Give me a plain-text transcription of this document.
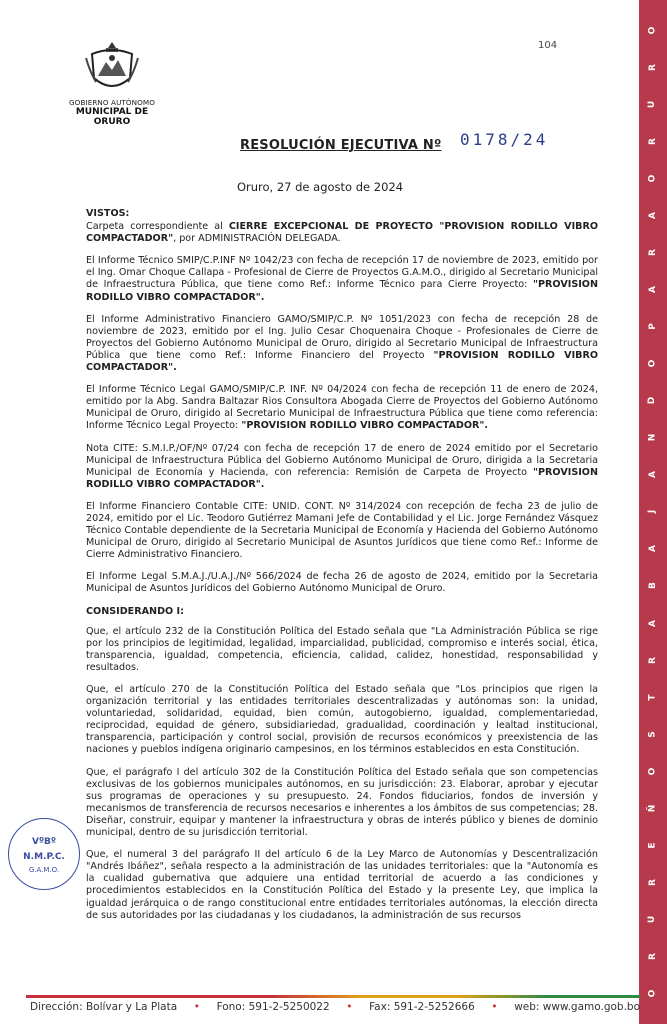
104
GOBIERNO AUTÓNOMO
MUNICIPAL DE ORURO
RESOLUCIÓN EJECUTIVA Nº 0178/24
Oruro, 27 de agosto de 2024
VISTOS:

Carpeta correspondiente al CIERRE EXCEPCIONAL DE PROYECTO "PROVISION RODILLO VIBRO COMPACTADOR", por ADMINISTRACIÓN DELEGADA.

El Informe Técnico SMIP/C.P.INF Nº 1042/23 con fecha de recepción 17 de noviembre de 2023, emitido por el Ing. Omar Choque Callapa - Profesional de Cierre de Proyectos G.A.M.O., dirigido al Secretario Municipal de Infraestructura Pública, que tiene como Ref.: Informe Técnico para Cierre Proyecto: "PROVISION RODILLO VIBRO COMPACTADOR".

El Informe Administrativo Financiero GAMO/SMIP/C.P. Nº 1051/2023 con fecha de recepción 28 de noviembre de 2023, emitido por el Ing. Julio Cesar Choquenaira Choque - Profesionales de Cierre de Proyectos del Gobierno Autónomo Municipal de Oruro, dirigido al Secretario Municipal de Infraestructura Pública que tiene como Ref.: Informe Financiero del Proyecto "PROVISION RODILLO VIBRO COMPACTADOR".

El Informe Técnico Legal GAMO/SMIP/C.P. INF. Nº 04/2024 con fecha de recepción 11 de enero de 2024, emitido por la Abg. Sandra Baltazar Rios Consultora Abogada Cierre de Proyectos del Gobierno Autónomo Municipal de Oruro, dirigido al Secretario Municipal de Infraestructura Pública que tiene como referencia: Informe Técnico Legal Proyecto: "PROVISION RODILLO VIBRO COMPACTADOR".

Nota CITE: S.M.I.P./OF/Nº 07/24 con fecha de recepción 17 de enero de 2024 emitido por el Secretario Municipal de Infraestructura Pública del Gobierno Autónomo Municipal de Oruro, dirigida a la Secretaria Municipal de Economía y Hacienda, con referencia: Remisión de Carpeta de Proyecto "PROVISION RODILLO VIBRO COMPACTADOR".

El Informe Financiero Contable CITE: UNID. CONT. Nº 314/2024 con recepción de fecha 23 de julio de 2024, emitido por el Lic. Teodoro Gutiérrez Mamani Jefe de Contabilidad y el Lic. Jorge Fernández Vásquez Técnico Contable dependiente de la Secretaria Municipal de Economía y Hacienda del Gobierno Autónomo Municipal de Oruro, dirigido al Secretario Municipal de Asuntos Jurídicos que tiene como Ref.: Informe de Cierre Administrativo Financiero.

El Informe Legal S.M.A.J./U.A.J./Nº 566/2024 de fecha 26 de agosto de 2024, emitido por la Secretaria Municipal de Asuntos Jurídicos del Gobierno Autónomo Municipal de Oruro.

CONSIDERANDO I:

Que, el artículo 232 de la Constitución Política del Estado señala que "La Administración Pública se rige por los principios de legitimidad, legalidad, imparcialidad, publicidad, compromiso e interés social, ética, transparencia, igualdad, competencia, eficiencia, calidad, calidez, honestidad, responsabilidad y resultados.

Que, el artículo 270 de la Constitución Política del Estado señala que "Los principios que rigen la organización territorial y las entidades territoriales descentralizadas y autónomas son: la unidad, voluntariedad, solidaridad, equidad, bien común, autogobierno, igualdad, complementariedad, reciprocidad, equidad de género, subsidiariedad, gradualidad, coordinación y lealtad institucional, transparencia, participación y control social, provisión de recursos económicos y preexistencia de las naciones y pueblos indígena originario campesinos, en los términos establecidos en esta Constitución.

Que, el parágrafo I del artículo 302 de la Constitución Política del Estado señala que son competencias exclusivas de los gobiernos municipales autónomos, en su jurisdicción: 23. Elaborar, aprobar y ejecutar sus programas de operaciones y su presupuesto. 24. Fondos fiduciarios, fondos de inversión y mecanismos de transferencia de recursos necesarios e inherentes a los ámbitos de sus competencias; 28. Diseñar, construir, equipar y mantener la infraestructura y obras de interés público y bienes de dominio municipal, dentro de su jurisdicción territorial.

Que, el numeral 3 del parágrafo II del artículo 6 de la Ley Marco de Autonomías y Descentralización "Andrés Ibáñez", señala respecto a la administración de las unidades territoriales: que la "Autonomía es la cualidad gubernativa que adquiere una entidad territorial de acuerdo a las condiciones y procedimientos establecidos en la Constitución Política del Estado y la presente Ley, que implica la igualdad jerárquica o de rango constitucional entre entidades territoriales autónomas, la elección directa de sus autoridades por las ciudadanas y los ciudadanos, la administración de sus recursos

VºBº
N.M.P.C.
G.A.M.O.
O
R
U
R
O
A
R
A
P
O
D
N
A
J
A
B
A
R
T
S
O
Ñ
E
R
U
R
O
Dirección: Bolívar y La Plata • Fono: 591-2-5250022 • Fax: 591-2-5252666 • web: www.gamo.gob.bo
